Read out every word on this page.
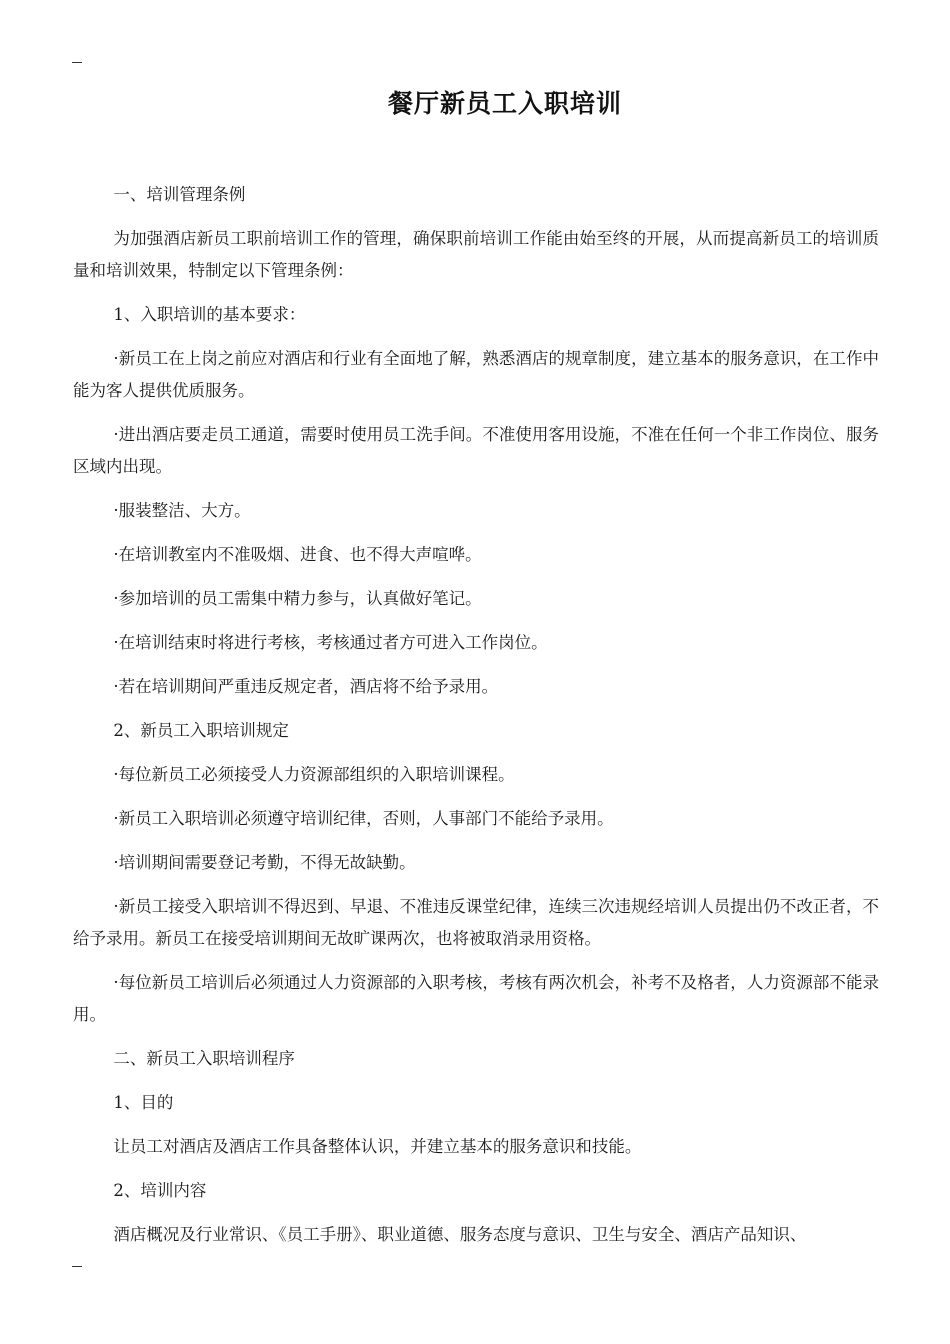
餐厅新员工入职培训

一、培训管理条例

为加强酒店新员工职前培训工作的管理，确保职前培训工作能由始至终的开展，从而提高新员工的培训质量和培训效果，特制定以下管理条例：

1、入职培训的基本要求：

·新员工在上岗之前应对酒店和行业有全面地了解，熟悉酒店的规章制度，建立基本的服务意识，在工作中能为客人提供优质服务。

·进出酒店要走员工通道，需要时使用员工洗手间。不准使用客用设施，不准在任何一个非工作岗位、服务区域内出现。

·服装整洁、大方。

·在培训教室内不准吸烟、进食、也不得大声喧哗。

·参加培训的员工需集中精力参与，认真做好笔记。

·在培训结束时将进行考核，考核通过者方可进入工作岗位。

·若在培训期间严重违反规定者，酒店将不给予录用。

2、新员工入职培训规定

·每位新员工必须接受人力资源部组织的入职培训课程。

·新员工入职培训必须遵守培训纪律，否则，人事部门不能给予录用。

·培训期间需要登记考勤，不得无故缺勤。

·新员工接受入职培训不得迟到、早退、不准违反课堂纪律，连续三次违规经培训人员提出仍不改正者，不给予录用。新员工在接受培训期间无故旷课两次，也将被取消录用资格。

·每位新员工培训后必须通过人力资源部的入职考核，考核有两次机会，补考不及格者，人力资源部不能录用。

二、新员工入职培训程序

1、目的

让员工对酒店及酒店工作具备整体认识，并建立基本的服务意识和技能。

2、培训内容

酒店概况及行业常识、《员工手册》、职业道德、服务态度与意识、卫生与安全、酒店产品知识、
